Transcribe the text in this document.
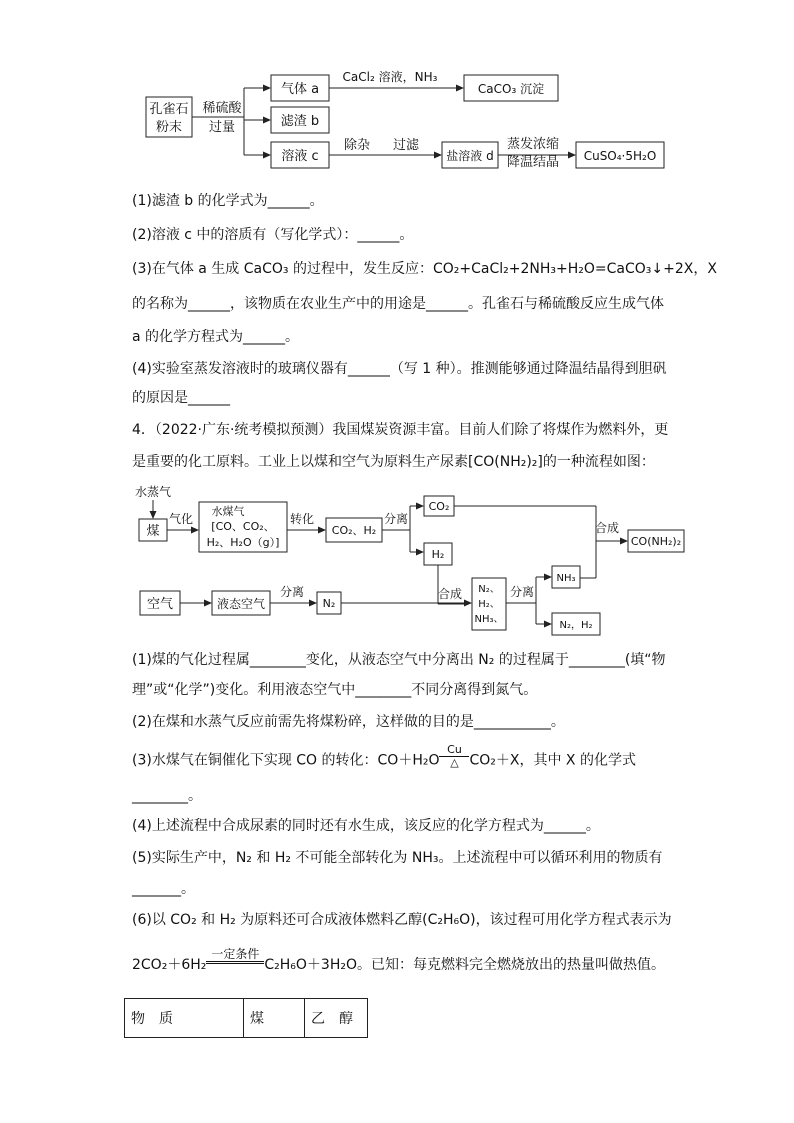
孔雀石
粉末
稀硫酸
过量
气体 a
CaCl₂ 溶液，NH₃
CaCO₃ 沉淀
滤渣 b
溶液 c
除杂 过滤
盐溶液 d
蒸发浓缩
降温结晶 CuSO₄·5H₂O
(1)滤渣 b 的化学式为______。
(2)溶液 c 中的溶质有（写化学式）：______。
(3)在气体 a 生成 CaCO₃ 的过程中，发生反应：CO₂+CaCl₂+2NH₃+H₂O=CaCO₃↓+2X，X
的名称为______，该物质在农业生产中的用途是______。孔雀石与稀硫酸反应生成气体
a 的化学方程式为______。
(4)实验室蒸发溶液时的玻璃仪器有______（写 1 种）。推测能够通过降温结晶得到胆矾
的原因是______
4．（2022·广东·统考模拟预测）我国煤炭资源丰富。目前人们除了将煤作为燃料外，更
是重要的化工原料。工业上以煤和空气为原料生产尿素[CO(NH₂)₂]的一种流程如图：
水蒸气
煤
气化
水煤气
[CO、CO₂、
H₂、H₂O（g）]
转化
CO₂、H₂
分离
CO₂
合成
CO(NH₂)₂
H₂
合成
空气	液态空气
分离
N₂
N₂、
H₂、
NH₃、
分离
NH₃
N₂，H₂
(1)煤的气化过程属________变化，从液态空气中分离出 N₂ 的过程属于________(填“物
理”或“化学”)变化。利用液态空气中________不同分离得到氮气。
(2)在煤和水蒸气反应前需先将煤粉碎，这样做的目的是___________。
(3)水煤气在铜催化下实现 CO 的转化：$CO+H_2O \frac{Cu}{\triangle} CO_2+X$，其中 X 的化学式
________。
(4)上述流程中合成尿素的同时还有水生成，该反应的化学方程式为______。
(5)实际生产中，N₂ 和 H₂ 不可能全部转化为 NH₃。上述流程中可以循环利用的物质有
_______。
(6)以 CO₂ 和 H₂ 为原料还可合成液体燃料乙醇(C₂H₆O)，该过程可用化学方程式表示为
2CO₂＋6H₂
一定条件
C₂H₆O＋3H₂O。已知：每克燃料完全燃烧放出的热量叫做热值。
物　质	煤	乙　醇
